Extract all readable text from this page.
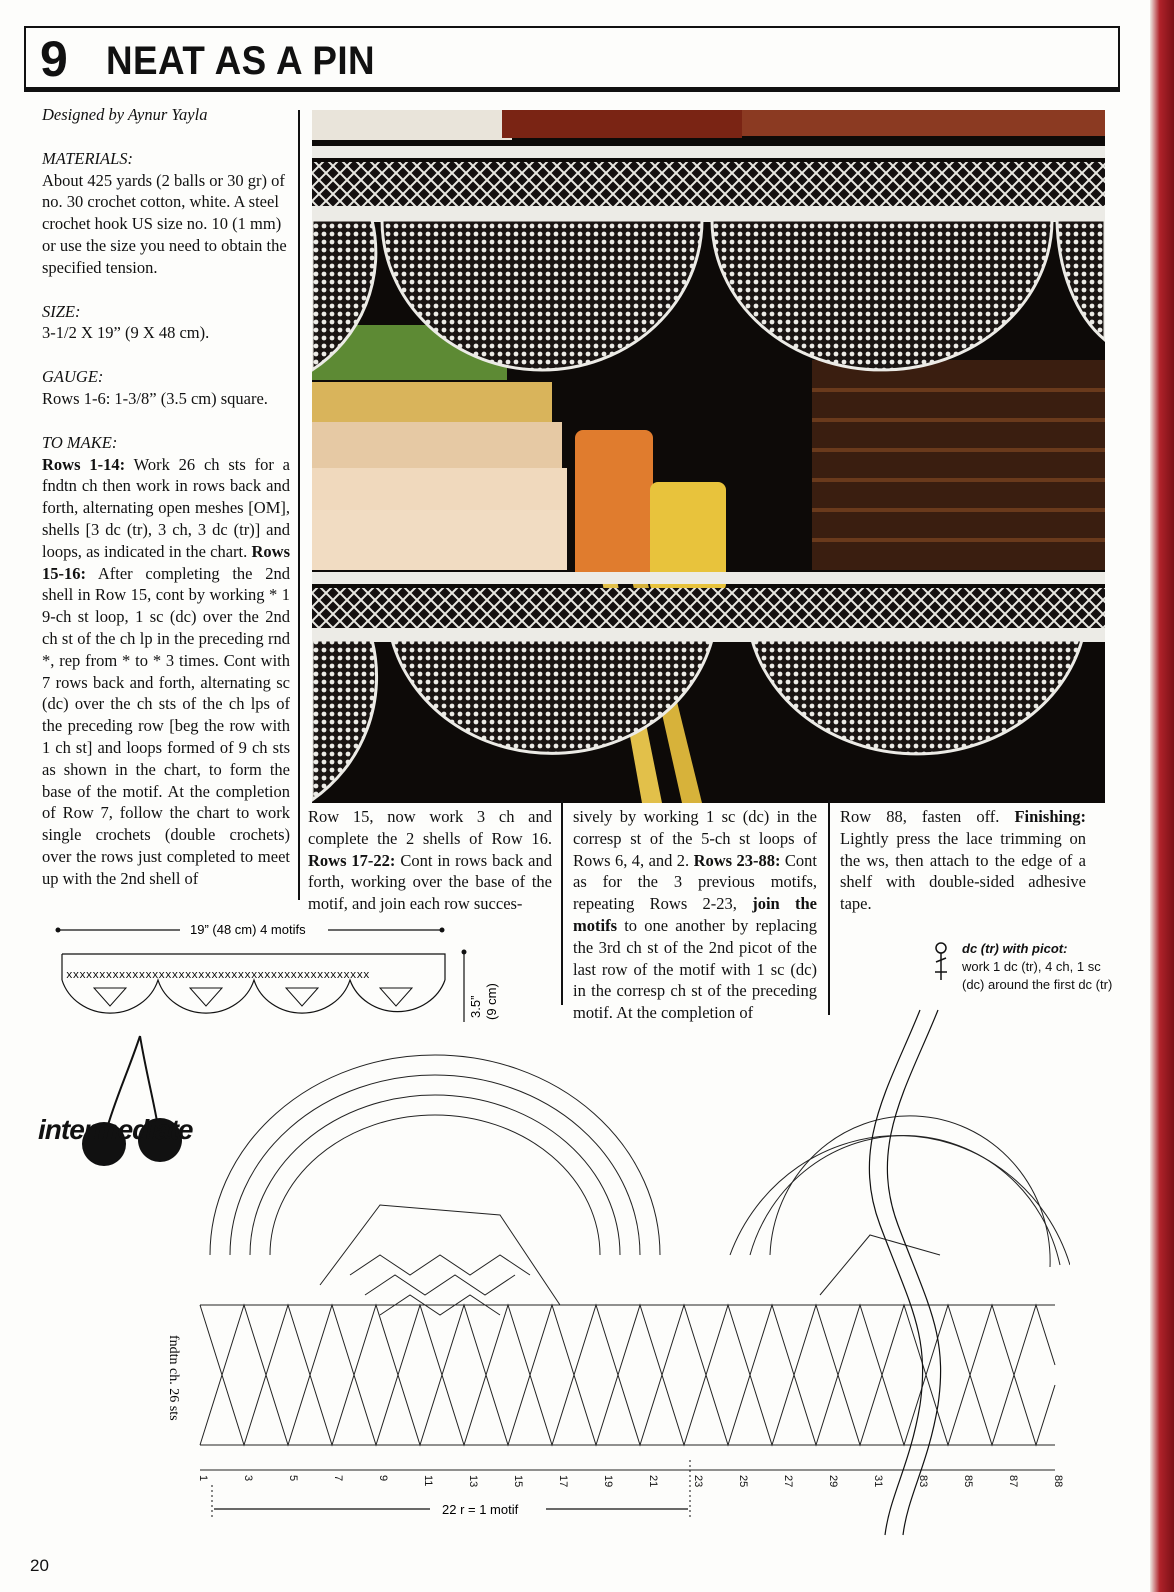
9 NEAT AS A PIN

Designed by Aynur Yayla

MATERIALS:

About 425 yards (2 balls or 30 gr) of no. 30 crochet cotton, white. A steel crochet hook US size no. 10 (1 mm) or use the size you need to obtain the specified tension.

SIZE:

3-1/2 X 19” (9 X 48 cm).

GAUGE:

Rows 1-6: 1-3/8” (3.5 cm) square.

TO MAKE:

Rows 1-14: Work 26 ch sts for a fndtn ch then work in rows back and forth, alternating open meshes [OM], shells [3 dc (tr), 3 ch, 3 dc (tr)] and loops, as indicated in the chart. Rows 15-16: After completing the 2nd shell in Row 15, cont by working * 1 9-ch st loop, 1 sc (dc) over the 2nd ch st of the ch lp in the preceding rnd *, rep from * to * 3 times. Cont with 7 rows back and forth, alternating sc (dc) over the ch sts of the ch lps of the preceding row [beg the row with 1 ch st] and loops formed of 9 ch sts as shown in the chart, to form the base of the motif. At the completion of Row 7, follow the chart to work single crochets (double crochets) over the rows just completed to meet up with the 2nd shell of

Row 15, now work 3 ch and complete the 2 shells of Row 16. Rows 17-22: Cont in rows back and forth, working over the base of the motif, and join each row succes-
sively by working 1 sc (dc) in the corresp st of the 5-ch st loops of Rows 6, 4, and 2. Rows 23-88: Cont as for the 3 previous motifs, repeating Rows 2-23, join the motifs to one another by replacing the 3rd ch st of the 2nd picot of the last row of the motif with 1 sc (dc) in the corresp ch st of the preceding motif. At the completion of
Row 88, fasten off. Finishing: Lightly press the lace trimming on the ws, then attach to the edge of a shelf with double-sided adhesive tape.
dc (tr) with picot:
work 1 dc (tr), 4 ch, 1 sc (dc) around the first dc (tr)
19” (48 cm) 4 motifs
xxxxxxxxxxxxxxxxxxxxxxxxxxxxxxxxxxxxxxxxxxxxxx
3.5” (9 cm)
intermediate
fndtn ch. 26 sts
1	3	5	7	9	11	13	15	17	19	21	23	25	27	29	31	83	85	87	88
22 r = 1 motif
20
